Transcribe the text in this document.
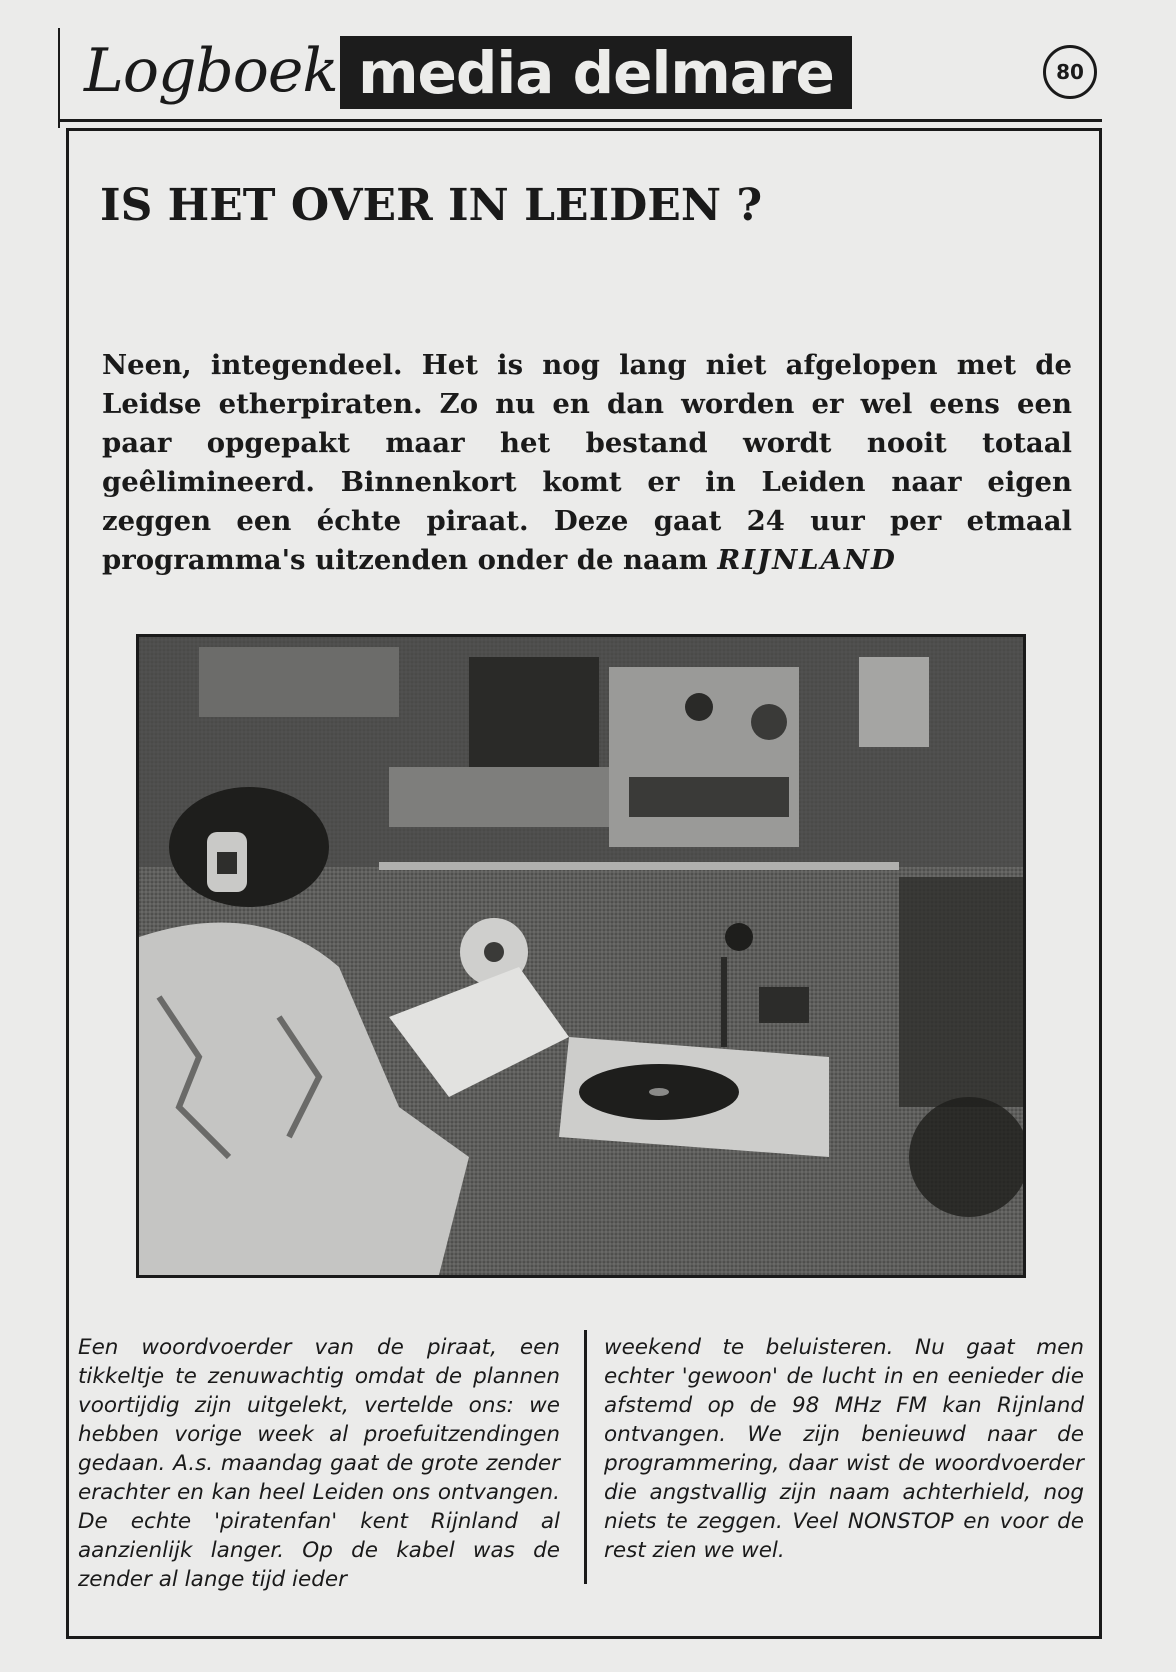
Logboek media delmare	80
IS HET OVER IN LEIDEN ?

Neen, integendeel. Het is nog lang niet afgelopen met de Leidse etherpiraten. Zo nu en dan worden er wel eens een paar opgepakt maar het bestand wordt nooit totaal geêlimineerd. Binnenkort komt er in Leiden naar eigen zeggen een échte piraat. Deze gaat 24 uur per etmaal programma's uitzenden onder de naam RIJNLAND

Een woordvoerder van de piraat, een tikkeltje te zenuwachtig omdat de plannen voortijdig zijn uitgelekt, vertelde ons: we hebben vorige week al proefuitzendingen gedaan. A.s. maandag gaat de grote zender erachter en kan heel Leiden ons ontvangen. De echte 'piratenfan' kent Rijnland al aanzienlijk langer. Op de kabel was de zender al lange tijd ieder

weekend te beluisteren. Nu gaat men echter 'gewoon' de lucht in en eenieder die afstemd op de 98 MHz FM kan Rijnland ontvangen. We zijn benieuwd naar de programmering, daar wist de woordvoerder die angstvallig zijn naam achterhield, nog niets te zeggen. Veel NONSTOP en voor de rest zien we wel.
